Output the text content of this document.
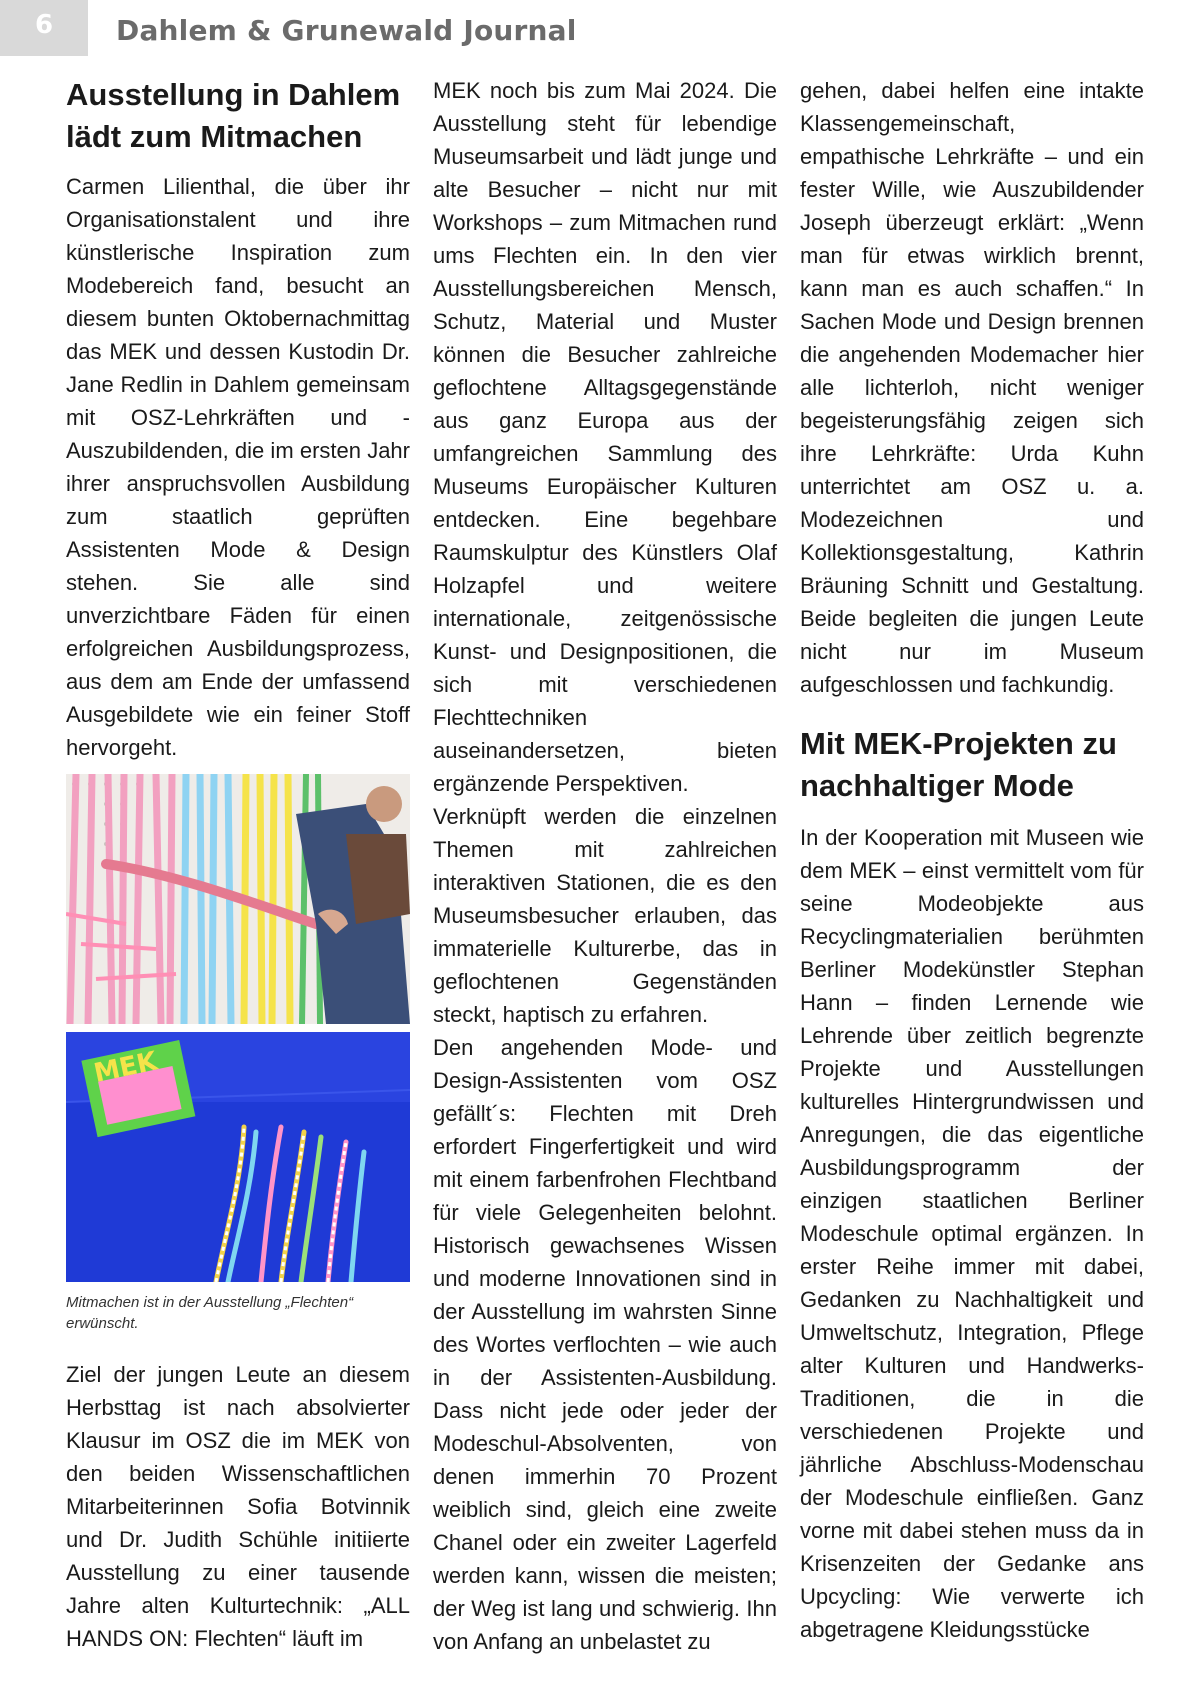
6	Dahlem & Grunewald Journal
Ausstellung in Dahlem lädt zum Mitmachen

Carmen Lilienthal, die über ihr Organisationstalent und ihre künstlerische Inspiration zum Modebereich fand, besucht an diesem bunten Oktobernachmittag das MEK und dessen Kustodin Dr. Jane Redlin in Dahlem gemeinsam mit OSZ-Lehrkräften und -Auszubildenden, die im ersten Jahr ihrer anspruchsvollen Ausbildung zum staatlich geprüften Assistenten Mode & Design stehen. Sie alle sind unverzichtbare Fäden für einen erfolgreichen Ausbildungsprozess, aus dem am Ende der umfassend Ausgebildete wie ein feiner Stoff hervorgeht.

MEK
Mitmachen ist in der Ausstellung „Flechten“ erwünscht.

Ziel der jungen Leute an diesem Herbsttag ist nach absolvierter Klausur im OSZ die im MEK von den beiden Wissenschaftlichen Mitarbeiterinnen Sofia Botvinnik und Dr. Judith Schühle initiierte Ausstellung zu einer tausende Jahre alten Kulturtechnik: „ALL HANDS ON: Flechten“ läuft im

MEK noch bis zum Mai 2024. Die Ausstellung steht für lebendige Museumsarbeit und lädt junge und alte Besucher – nicht nur mit Workshops – zum Mitmachen rund ums Flechten ein. In den vier Ausstellungsbereichen Mensch, Schutz, Material und Muster können die Besucher zahlreiche geflochtene Alltagsgegenstände aus ganz Europa aus der umfangreichen Sammlung des Museums Europäischer Kulturen entdecken. Eine begehbare Raumskulptur des Künstlers Olaf Holzapfel und weitere internationale, zeitgenössische Kunst- und Designpositionen, die sich mit verschiedenen Flechttechniken auseinandersetzen, bieten ergänzende Perspektiven.

Verknüpft werden die einzelnen Themen mit zahlreichen interaktiven Stationen, die es den Museumsbesucher erlauben, das immaterielle Kulturerbe, das in geflochtenen Gegenständen steckt, haptisch zu erfahren.

Den angehenden Mode- und Design-Assistenten vom OSZ gefällt´s: Flechten mit Dreh erfordert Fingerfertigkeit und wird mit einem farbenfrohen Flechtband für viele Gelegenheiten belohnt. Historisch gewachsenes Wissen und moderne Innovationen sind in der Ausstellung im wahrsten Sinne des Wortes verflochten – wie auch in der Assistenten-Ausbildung. Dass nicht jede oder jeder der Modeschul-Absolventen, von denen immerhin 70 Prozent weiblich sind, gleich eine zweite Chanel oder ein zweiter Lagerfeld werden kann, wissen die meisten; der Weg ist lang und schwierig. Ihn von Anfang an unbelastet zu

gehen, dabei helfen eine intakte Klassengemeinschaft, empathische Lehrkräfte – und ein fester Wille, wie Auszubildender Joseph überzeugt erklärt: „Wenn man für etwas wirklich brennt, kann man es auch schaffen.“ In Sachen Mode und Design brennen die angehenden Modemacher hier alle lichterloh, nicht weniger begeisterungsfähig zeigen sich ihre Lehrkräfte: Urda Kuhn unterrichtet am OSZ u. a. Modezeichnen und Kollektionsgestaltung, Kathrin Bräuning Schnitt und Gestaltung. Beide begleiten die jungen Leute nicht nur im Museum aufgeschlossen und fachkundig.

Mit MEK-Projekten zu nachhaltiger Mode

In der Kooperation mit Museen wie dem MEK – einst vermittelt vom für seine Modeobjekte aus Recyclingmaterialien berühmten Berliner Modekünstler Stephan Hann – finden Lernende wie Lehrende über zeitlich begrenzte Projekte und Ausstellungen kulturelles Hintergrundwissen und Anregungen, die das eigentliche Ausbildungsprogramm der einzigen staatlichen Berliner Modeschule optimal ergänzen. In erster Reihe immer mit dabei, Gedanken zu Nachhaltigkeit und Umweltschutz, Integration, Pflege alter Kulturen und Handwerks-Traditionen, die in die verschiedenen Projekte und jährliche Abschluss-Modenschau der Modeschule einfließen. Ganz vorne mit dabei stehen muss da in Krisenzeiten der Gedanke ans Upcycling: Wie verwerte ich abgetragene Kleidungsstücke
